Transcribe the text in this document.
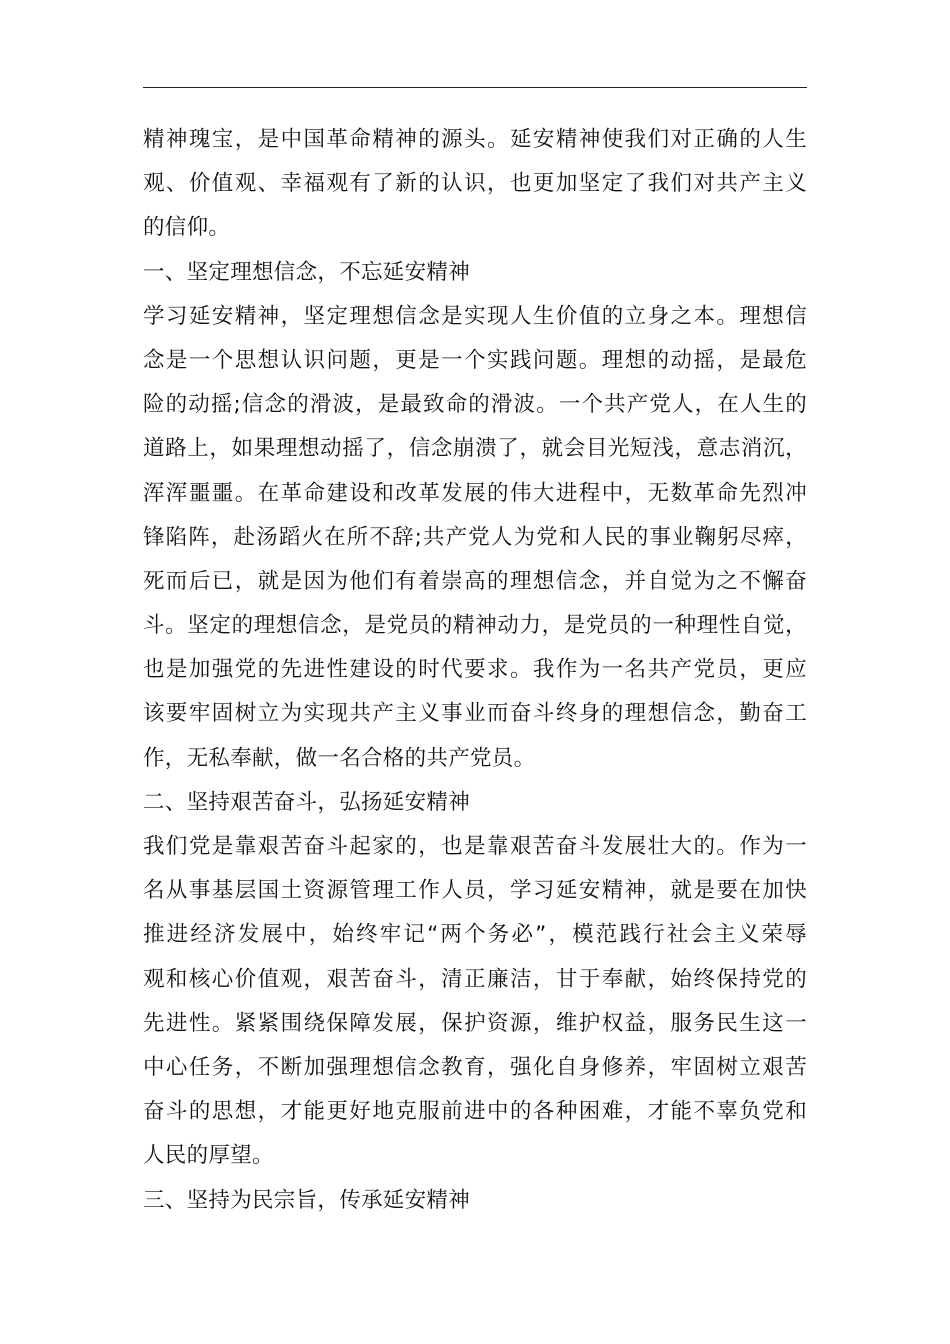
精神瑰宝，是中国革命精神的源头。延安精神使我们对正确的人生
观、价值观、幸福观有了新的认识，也更加坚定了我们对共产主义
的信仰。
一、坚定理想信念，不忘延安精神
学习延安精神，坚定理想信念是实现人生价值的立身之本。理想信
念是一个思想认识问题，更是一个实践问题。理想的动摇，是最危
险的动摇;信念的滑波，是最致命的滑波。一个共产党人，在人生的
道路上，如果理想动摇了，信念崩溃了，就会目光短浅，意志消沉，
浑浑噩噩。在革命建设和改革发展的伟大进程中，无数革命先烈冲
锋陷阵，赴汤蹈火在所不辞;共产党人为党和人民的事业鞠躬尽瘁，
死而后已，就是因为他们有着崇高的理想信念，并自觉为之不懈奋
斗。坚定的理想信念，是党员的精神动力，是党员的一种理性自觉，
也是加强党的先进性建设的时代要求。我作为一名共产党员，更应
该要牢固树立为实现共产主义事业而奋斗终身的理想信念，勤奋工
作，无私奉献，做一名合格的共产党员。
二、坚持艰苦奋斗，弘扬延安精神
我们党是靠艰苦奋斗起家的，也是靠艰苦奋斗发展壮大的。作为一
名从事基层国土资源管理工作人员，学习延安精神，就是要在加快
推进经济发展中，始终牢记“两个务必”，模范践行社会主义荣辱
观和核心价值观，艰苦奋斗，清正廉洁，甘于奉献，始终保持党的
先进性。紧紧围绕保障发展，保护资源，维护权益，服务民生这一
中心任务，不断加强理想信念教育，强化自身修养，牢固树立艰苦
奋斗的思想，才能更好地克服前进中的各种困难，才能不辜负党和
人民的厚望。
三、坚持为民宗旨，传承延安精神
